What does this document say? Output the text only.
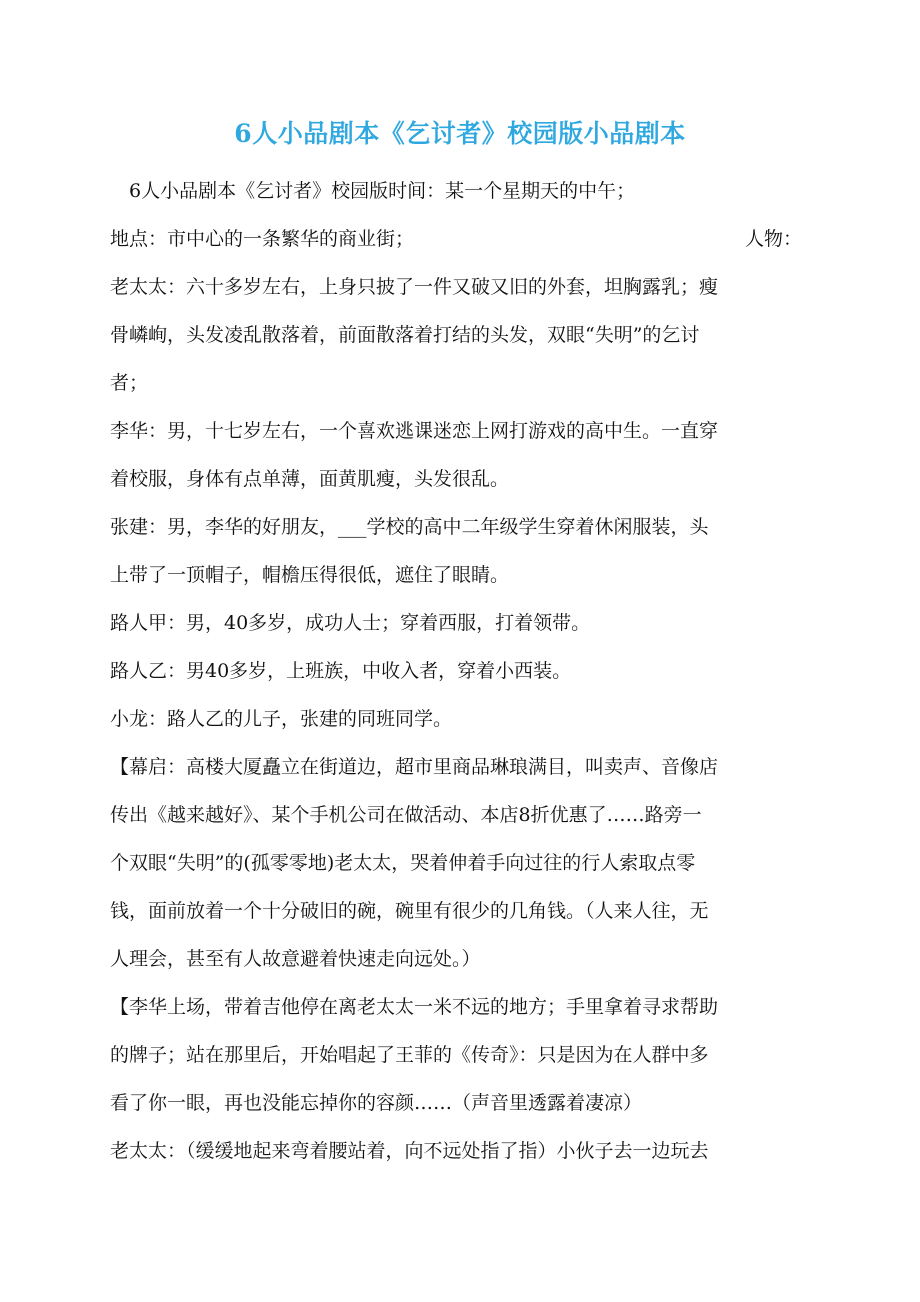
6人小品剧本《乞讨者》校园版小品剧本
6人小品剧本《乞讨者》校园版时间：某一个星期天的中午；
地点：市中心的一条繁华的商业街；	人物：
老太太：六十多岁左右，上身只披了一件又破又旧的外套，坦胸露乳；瘦
骨嶙峋，头发凌乱散落着，前面散落着打结的头发，双眼“失明”的乞讨
者；
李华：男，十七岁左右，一个喜欢逃课迷恋上网打游戏的高中生。一直穿
着校服，身体有点单薄，面黄肌瘦，头发很乱。
张建：男，李华的好朋友，___学校的高中二年级学生穿着休闲服装，头
上带了一顶帽子，帽檐压得很低，遮住了眼睛。
路人甲：男，40多岁，成功人士；穿着西服，打着领带。
路人乙：男40多岁，上班族，中收入者，穿着小西装。
小龙：路人乙的儿子，张建的同班同学。
【幕启：高楼大厦矗立在街道边，超市里商品琳琅满目，叫卖声、音像店
传出《越来越好》、某个手机公司在做活动、本店8折优惠了……路旁一
个双眼“失明”的(孤零零地)老太太，哭着伸着手向过往的行人索取点零
钱，面前放着一个十分破旧的碗，碗里有很少的几角钱。（人来人往，无
人理会，甚至有人故意避着快速走向远处。）
【李华上场，带着吉他停在离老太太一米不远的地方；手里拿着寻求帮助
的牌子；站在那里后，开始唱起了王菲的《传奇》：只是因为在人群中多
看了你一眼，再也没能忘掉你的容颜……（声音里透露着凄凉）
老太太：（缓缓地起来弯着腰站着，向不远处指了指）小伙子去一边玩去
